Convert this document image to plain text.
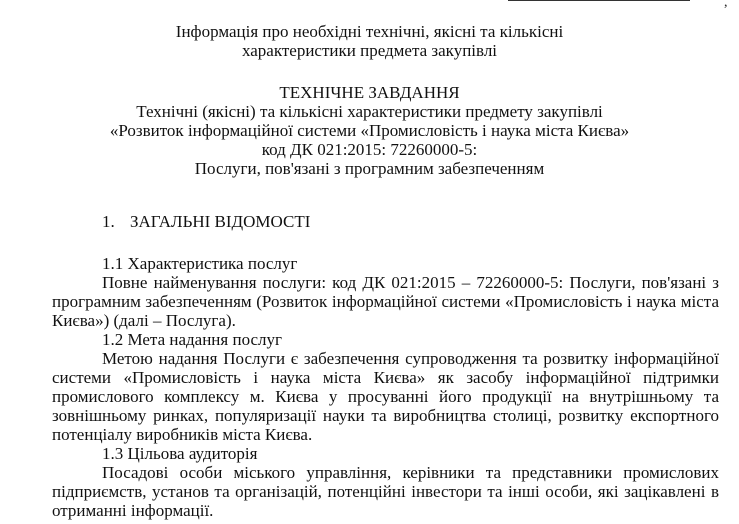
,
Інформація про необхідні технічні, якісні та кількісні
характеристики предмета закупівлі
ТЕХНІЧНЕ ЗАВДАННЯ
Технічні (якісні) та кількісні характеристики предмету закупівлі
«Розвиток інформаційної системи «Промисловість і наука міста Києва»
код ДК 021:2015: 72260000-5:
Послуги, пов'язані з програмним забезпеченням
1. ЗАГАЛЬНІ ВІДОМОСТІ
1.1 Характеристика послуг
Повне найменування послуги: код ДК 021:2015 – 72260000-5: Послуги, пов'язані з
програмним забезпеченням (Розвиток інформаційної системи «Промисловість і наука міста
Києва») (далі – Послуга).
1.2 Мета надання послуг
Метою надання Послуги є забезпечення супроводження та розвитку інформаційної
системи «Промисловість і наука міста Києва» як засобу інформаційної підтримки
промислового комплексу м. Києва у просуванні його продукції на внутрішньому та
зовнішньому ринках, популяризації науки та виробництва столиці, розвитку експортного
потенціалу виробників міста Києва.
1.3 Цільова аудиторія
Посадові особи міського управління, керівники та представники промислових
підприємств, установ та організацій, потенційні інвестори та інші особи, які зацікавлені в
отриманні інформації.
